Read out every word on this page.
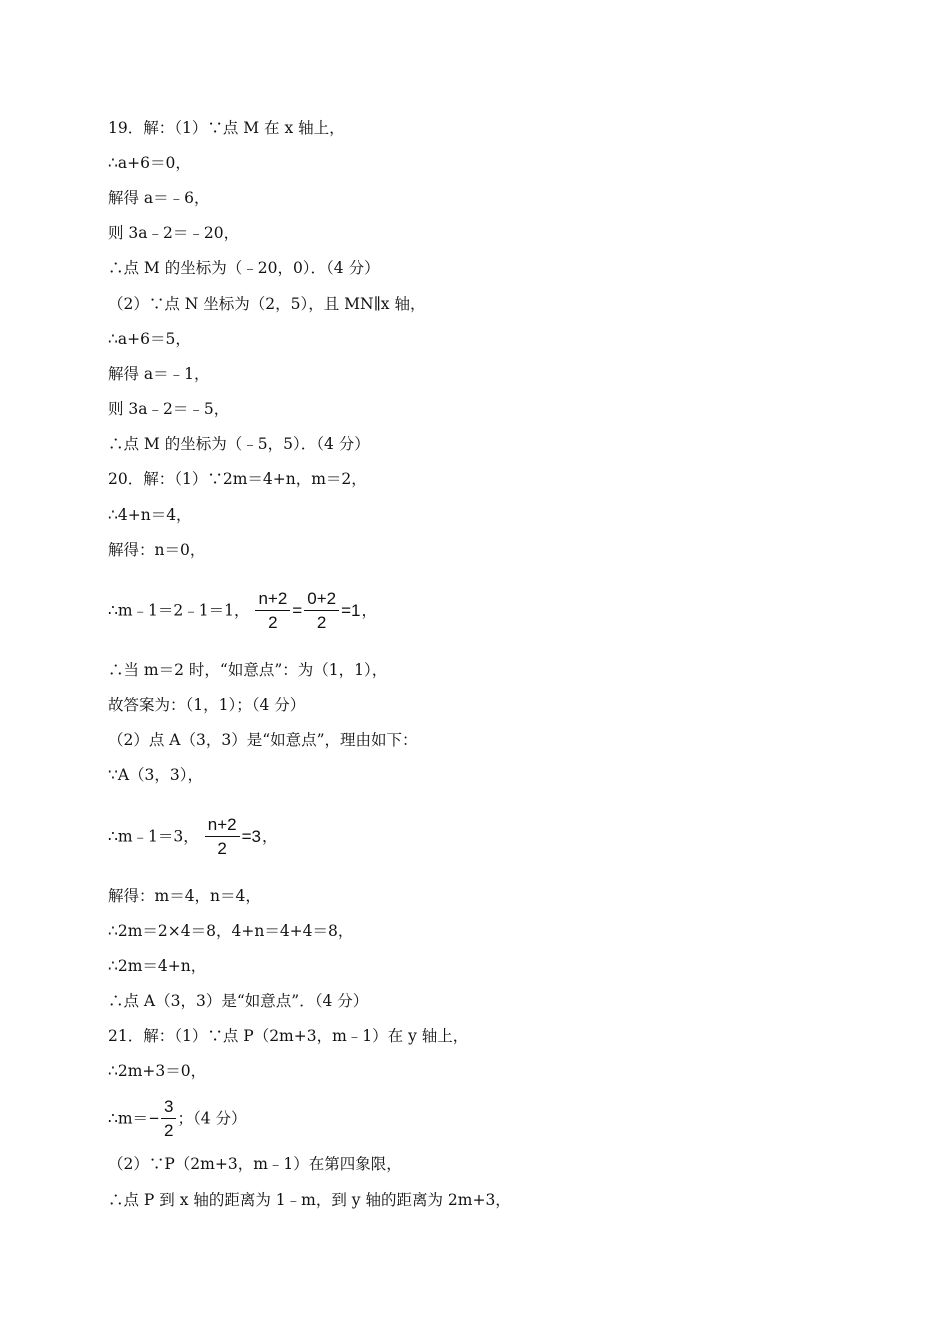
19．解：（1）∵点 M 在 x 轴上，
∴a+6＝0，
解得 a＝﹣6，
则 3a﹣2＝﹣20，
∴点 M 的坐标为（﹣20，0）．（4 分）
（2）∵点 N 坐标为（2，5），且 MN∥x 轴，
∴a+6＝5，
解得 a＝﹣1，
则 3a﹣2＝﹣5，
∴点 M 的坐标为（﹣5，5）．（4 分）
20．解：（1）∵2m＝4+n，m＝2，
∴4+n＝4，
解得：n＝0，
∴m﹣1＝2﹣1＝1， $\frac{n+2}{2} = \frac{0+2}{2} =1$，
∴当 m＝2 时，“如意点”：为（1，1），
故答案为：（1，1）；（4 分）
（2）点 A（3，3）是“如意点”，理由如下：
∵A（3，3），
∴m﹣1＝3， $\frac{n+2}{2} =3$，
解得：m＝4，n＝4，
∴2m＝2×4＝8，4+n＝4+4＝8，
∴2m＝4+n，
∴点 A（3，3）是“如意点”．（4 分）
21．解：（1）∵点 P（2m+3，m﹣1）在 y 轴上，
∴2m+3＝0，
∴m＝− $\frac{3}{2}$ ；（4 分）
（2）∵P（2m+3，m﹣1）在第四象限，
∴点 P 到 x 轴的距离为 1﹣m，到 y 轴的距离为 2m+3，
